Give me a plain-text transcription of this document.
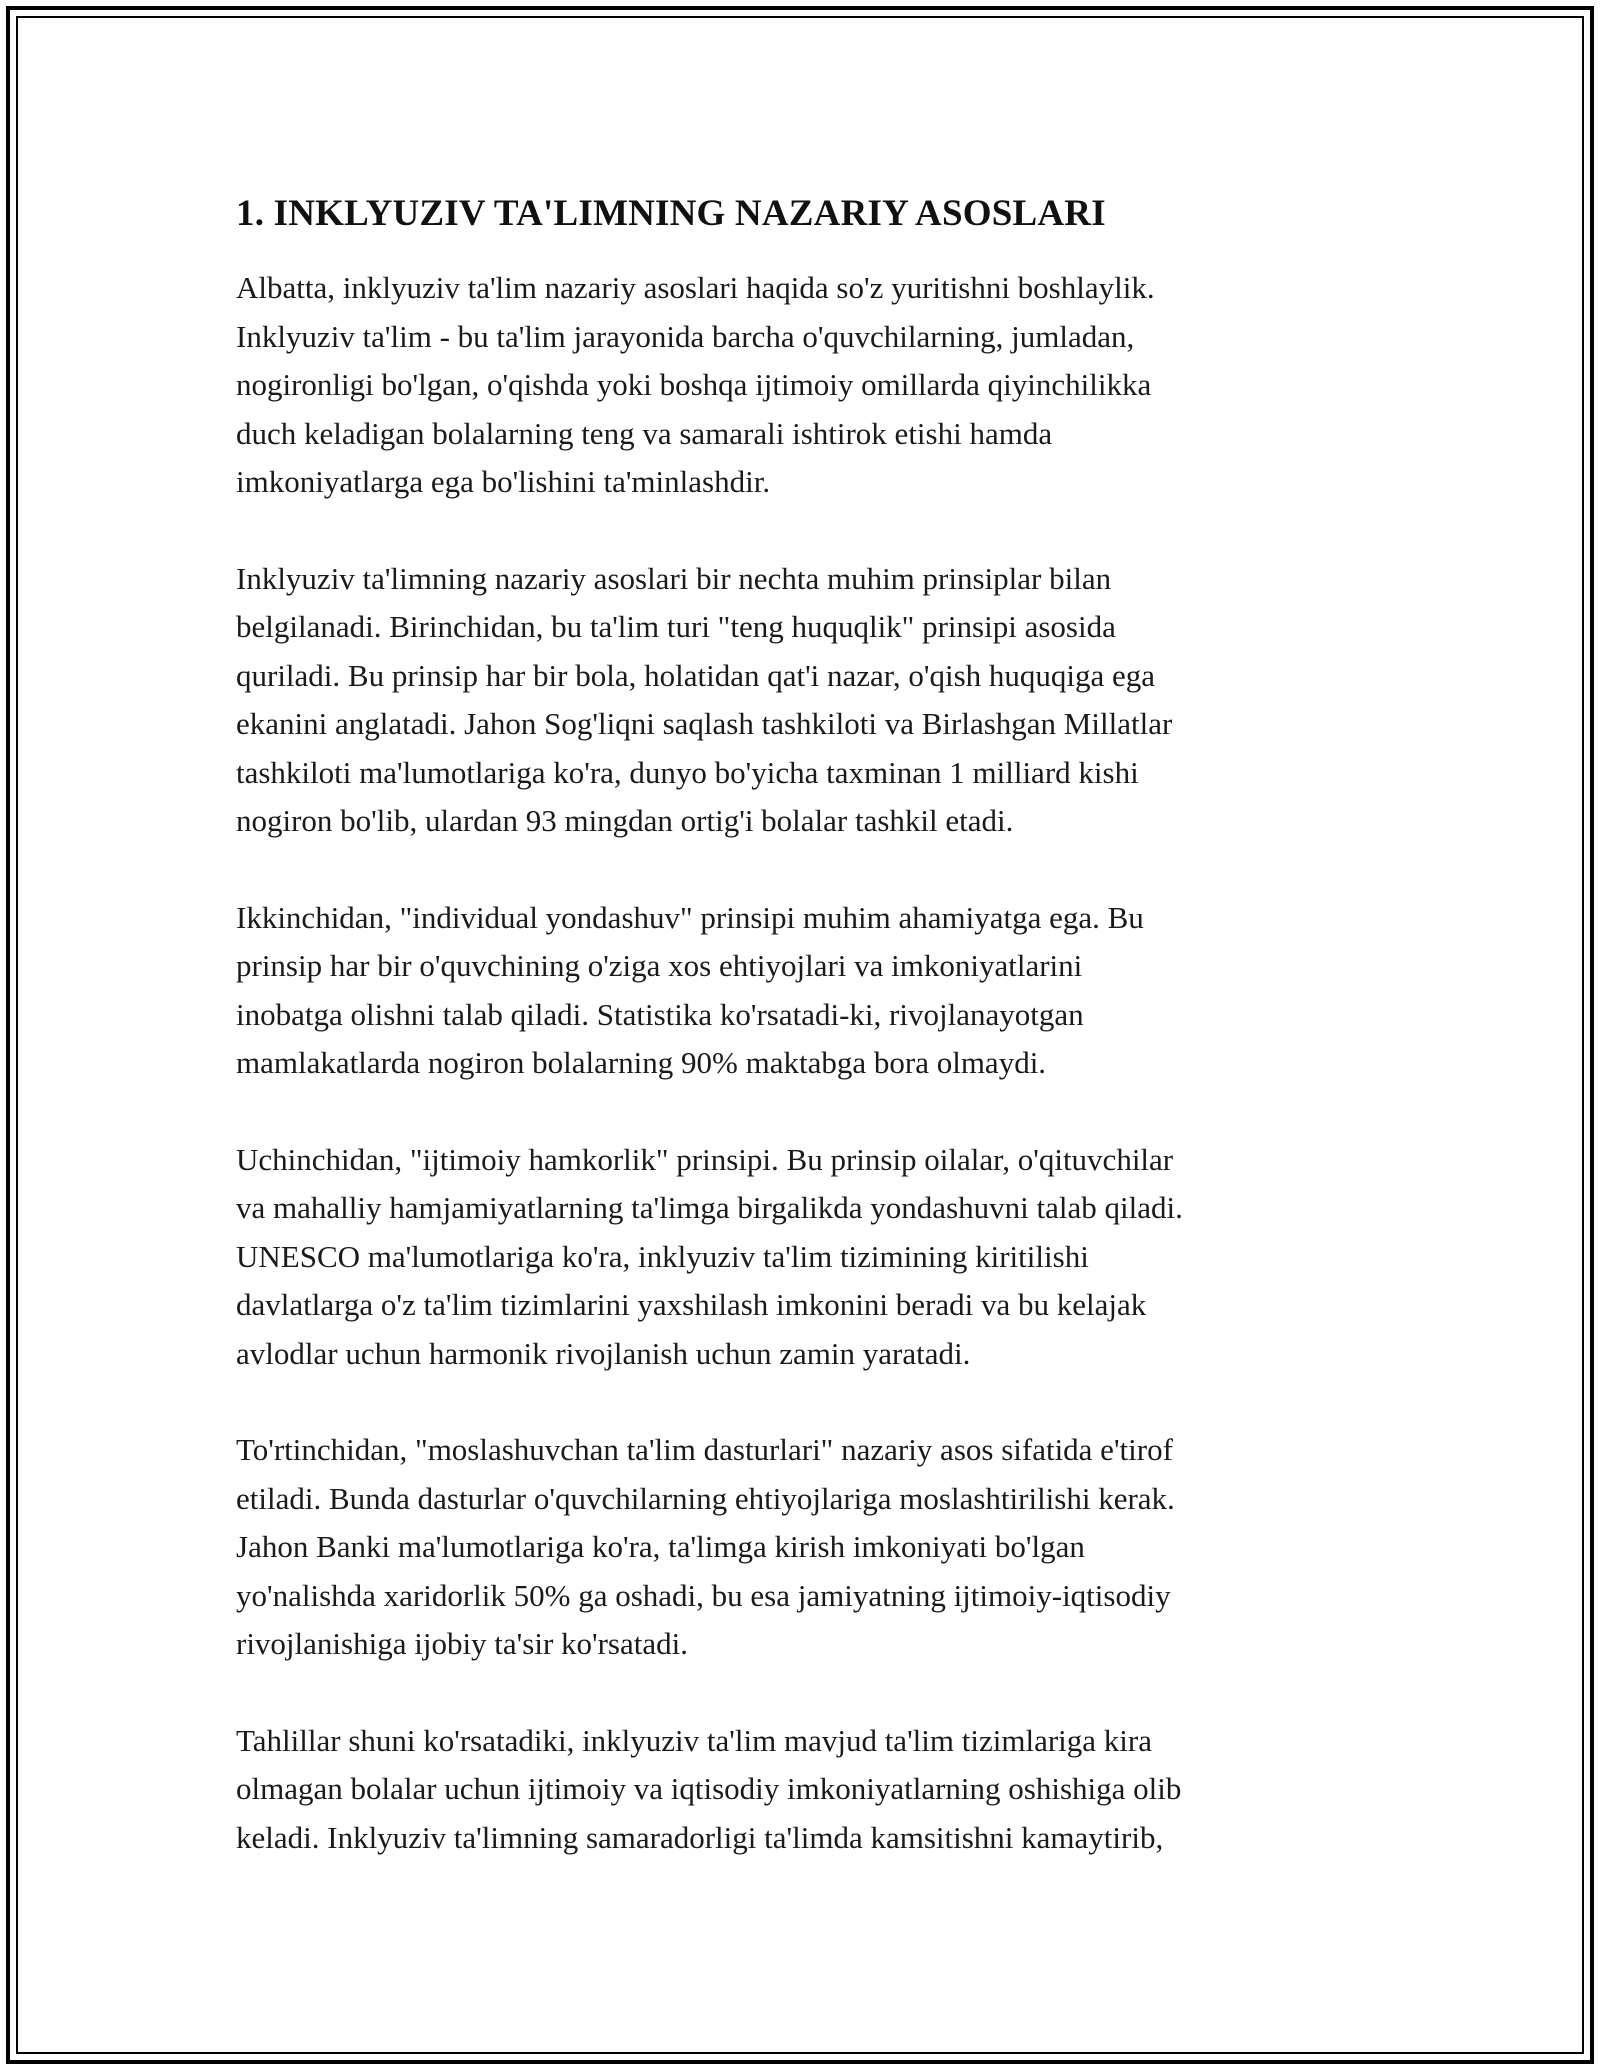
1. INKLYUZIV TA'LIMNING NAZARIY ASOSLARI

Albatta, inklyuziv ta'lim nazariy asoslari haqida so'z yuritishni boshlaylik.
Inklyuziv ta'lim - bu ta'lim jarayonida barcha o'quvchilarning, jumladan,
nogironligi bo'lgan, o'qishda yoki boshqa ijtimoiy omillarda qiyinchilikka
duch keladigan bolalarning teng va samarali ishtirok etishi hamda
imkoniyatlarga ega bo'lishini ta'minlashdir.

Inklyuziv ta'limning nazariy asoslari bir nechta muhim prinsiplar bilan
belgilanadi. Birinchidan, bu ta'lim turi "teng huquqlik" prinsipi asosida
quriladi. Bu prinsip har bir bola, holatidan qat'i nazar, o'qish huquqiga ega
ekanini anglatadi. Jahon Sog'liqni saqlash tashkiloti va Birlashgan Millatlar
tashkiloti ma'lumotlariga ko'ra, dunyo bo'yicha taxminan 1 milliard kishi
nogiron bo'lib, ulardan 93 mingdan ortig'i bolalar tashkil etadi.

Ikkinchidan, "individual yondashuv" prinsipi muhim ahamiyatga ega. Bu
prinsip har bir o'quvchining o'ziga xos ehtiyojlari va imkoniyatlarini
inobatga olishni talab qiladi. Statistika ko'rsatadi-ki, rivojlanayotgan
mamlakatlarda nogiron bolalarning 90% maktabga bora olmaydi.

Uchinchidan, "ijtimoiy hamkorlik" prinsipi. Bu prinsip oilalar, o'qituvchilar
va mahalliy hamjamiyatlarning ta'limga birgalikda yondashuvni talab qiladi.
UNESCO ma'lumotlariga ko'ra, inklyuziv ta'lim tizimining kiritilishi
davlatlarga o'z ta'lim tizimlarini yaxshilash imkonini beradi va bu kelajak
avlodlar uchun harmonik rivojlanish uchun zamin yaratadi.

To'rtinchidan, "moslashuvchan ta'lim dasturlari" nazariy asos sifatida e'tirof
etiladi. Bunda dasturlar o'quvchilarning ehtiyojlariga moslashtirilishi kerak.
Jahon Banki ma'lumotlariga ko'ra, ta'limga kirish imkoniyati bo'lgan
yo'nalishda xaridorlik 50% ga oshadi, bu esa jamiyatning ijtimoiy-iqtisodiy
rivojlanishiga ijobiy ta'sir ko'rsatadi.

Tahlillar shuni ko'rsatadiki, inklyuziv ta'lim mavjud ta'lim tizimlariga kira
olmagan bolalar uchun ijtimoiy va iqtisodiy imkoniyatlarning oshishiga olib
keladi. Inklyuziv ta'limning samaradorligi ta'limda kamsitishni kamaytirib,
